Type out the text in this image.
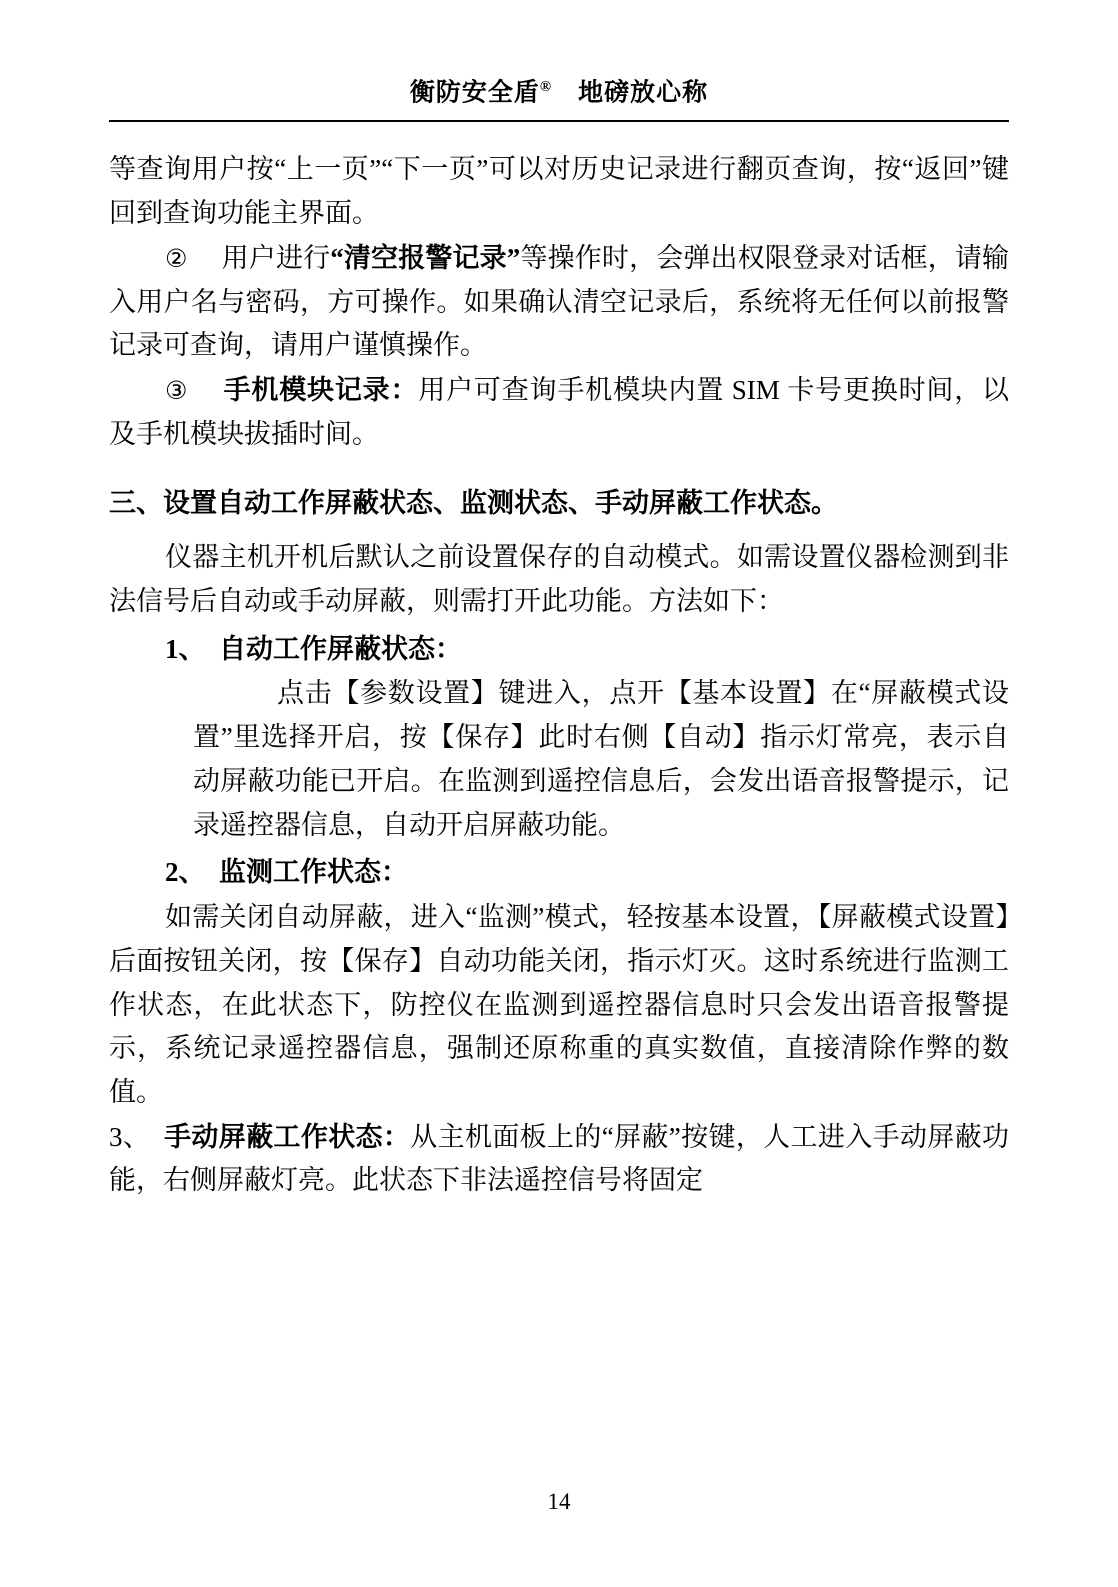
衡防安全盾® 地磅放心称

等查询用户按“上一页”“下一页”可以对历史记录进行翻页查询，按“返回”键回到查询功能主界面。

② 　 用户进行“清空报警记录”等操作时，会弹出权限登录对话框，请输入用户名与密码，方可操作。如果确认清空记录后，系统将无任何以前报警记录可查询，请用户谨慎操作。

③ 　 手机模块记录：用户可查询手机模块内置 SIM 卡号更换时间，以及手机模块拔插时间。

三、设置自动工作屏蔽状态、监测状态、手动屏蔽工作状态。

仪器主机开机后默认之前设置保存的自动模式。如需设置仪器检测到非法信号后自动或手动屏蔽，则需打开此功能。方法如下：

1、　自动工作屏蔽状态：

点击【参数设置】键进入，点开【基本设置】在“屏蔽模式设置”里选择开启，按【保存】此时右侧【自动】指示灯常亮，表示自动屏蔽功能已开启。在监测到遥控信息后，会发出语音报警提示，记录遥控器信息，自动开启屏蔽功能。

2、　监测工作状态：

如需关闭自动屏蔽，进入“监测”模式，轻按基本设置，【屏蔽模式设置】后面按钮关闭，按【保存】自动功能关闭，指示灯灭。这时系统进行监测工作状态，在此状态下，防控仪在监测到遥控器信息时只会发出语音报警提示，系统记录遥控器信息，强制还原称重的真实数值，直接清除作弊的数值。

3、　 手动屏蔽工作状态：从主机面板上的“屏蔽”按键，人工进入手动屏蔽功能，右侧屏蔽灯亮。此状态下非法遥控信号将固定

14
